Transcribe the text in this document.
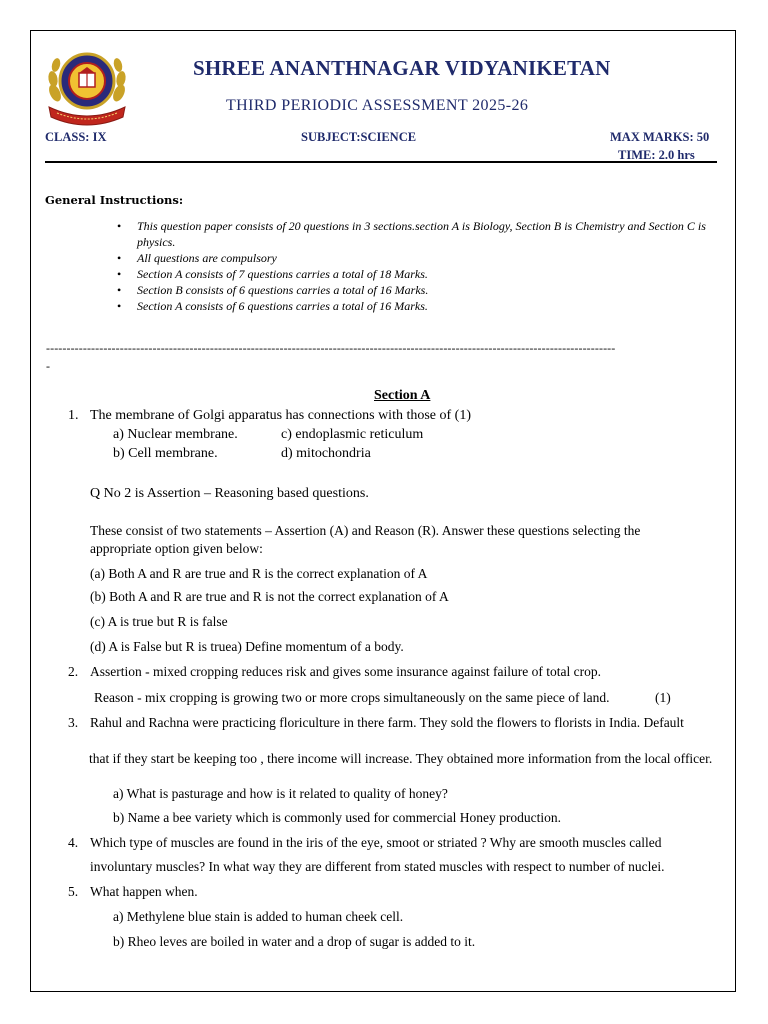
SHREE ANANTHNAGAR VIDYANIKETAN
THIRD PERIODIC ASSESSMENT 2025-26
CLASS: IX	SUBJECT:SCIENCE	MAX MARKS: 50
TIME: 2.0 hrs
General Instructions:
• This question paper consists of 20 questions in 3 sections.section A is Biology, Section B is Chemistry and Section C is physics.
• All questions are compulsory
• Section A consists of 7 questions carries a total of 18 Marks.
• Section B consists of 6 questions carries a total of 16 Marks.
• Section A consists of 6 questions carries a total of 16 Marks.
-------------------------------------------------------------------------------------------------------------------------------------------
-
Section A
1. The membrane of Golgi apparatus has connections with those of (1)
a) Nuclear membrane.	c) endoplasmic reticulum
b) Cell membrane.	d) mitochondria
Q No 2 is Assertion – Reasoning based questions.
These consist of two statements – Assertion (A) and Reason (R). Answer these questions selecting the
appropriate option given below:
(a) Both A and R are true and R is the correct explanation of A
(b) Both A and R are true and R is not the correct explanation of A
(c) A is true but R is false
(d) A is False but R is truea) Define momentum of a body.
2. Assertion - mixed cropping reduces risk and gives some insurance against failure of total crop.
Reason - mix cropping is growing two or more crops simultaneously on the same piece of land.	(1)
3. Rahul and Rachna were practicing floriculture in there farm. They sold the flowers to florists in India. Default
that if they start be keeping too , there income will increase. They obtained more information from the local officer.
a) What is pasturage and how is it related to quality of honey?
b) Name a bee variety which is commonly used for commercial Honey production.
4. Which type of muscles are found in the iris of the eye, smoot or striated ? Why are smooth muscles called
involuntary muscles? In what way they are different from stated muscles with respect to number of nuclei.
5. What happen when.
a) Methylene blue stain is added to human cheek cell.
b) Rheo leves are boiled in water and a drop of sugar is added to it.
